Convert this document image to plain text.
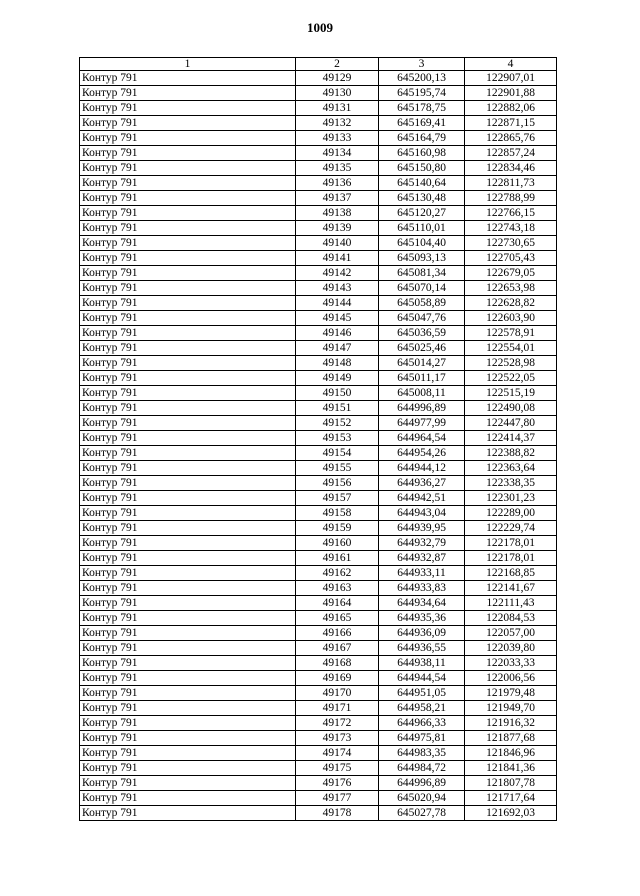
1009
1	2	3	4
Контур 791	49129	645200,13	122907,01
Контур 791	49130	645195,74	122901,88
Контур 791	49131	645178,75	122882,06
Контур 791	49132	645169,41	122871,15
Контур 791	49133	645164,79	122865,76
Контур 791	49134	645160,98	122857,24
Контур 791	49135	645150,80	122834,46
Контур 791	49136	645140,64	122811,73
Контур 791	49137	645130,48	122788,99
Контур 791	49138	645120,27	122766,15
Контур 791	49139	645110,01	122743,18
Контур 791	49140	645104,40	122730,65
Контур 791	49141	645093,13	122705,43
Контур 791	49142	645081,34	122679,05
Контур 791	49143	645070,14	122653,98
Контур 791	49144	645058,89	122628,82
Контур 791	49145	645047,76	122603,90
Контур 791	49146	645036,59	122578,91
Контур 791	49147	645025,46	122554,01
Контур 791	49148	645014,27	122528,98
Контур 791	49149	645011,17	122522,05
Контур 791	49150	645008,11	122515,19
Контур 791	49151	644996,89	122490,08
Контур 791	49152	644977,99	122447,80
Контур 791	49153	644964,54	122414,37
Контур 791	49154	644954,26	122388,82
Контур 791	49155	644944,12	122363,64
Контур 791	49156	644936,27	122338,35
Контур 791	49157	644942,51	122301,23
Контур 791	49158	644943,04	122289,00
Контур 791	49159	644939,95	122229,74
Контур 791	49160	644932,79	122178,01
Контур 791	49161	644932,87	122178,01
Контур 791	49162	644933,11	122168,85
Контур 791	49163	644933,83	122141,67
Контур 791	49164	644934,64	122111,43
Контур 791	49165	644935,36	122084,53
Контур 791	49166	644936,09	122057,00
Контур 791	49167	644936,55	122039,80
Контур 791	49168	644938,11	122033,33
Контур 791	49169	644944,54	122006,56
Контур 791	49170	644951,05	121979,48
Контур 791	49171	644958,21	121949,70
Контур 791	49172	644966,33	121916,32
Контур 791	49173	644975,81	121877,68
Контур 791	49174	644983,35	121846,96
Контур 791	49175	644984,72	121841,36
Контур 791	49176	644996,89	121807,78
Контур 791	49177	645020,94	121717,64
Контур 791	49178	645027,78	121692,03
